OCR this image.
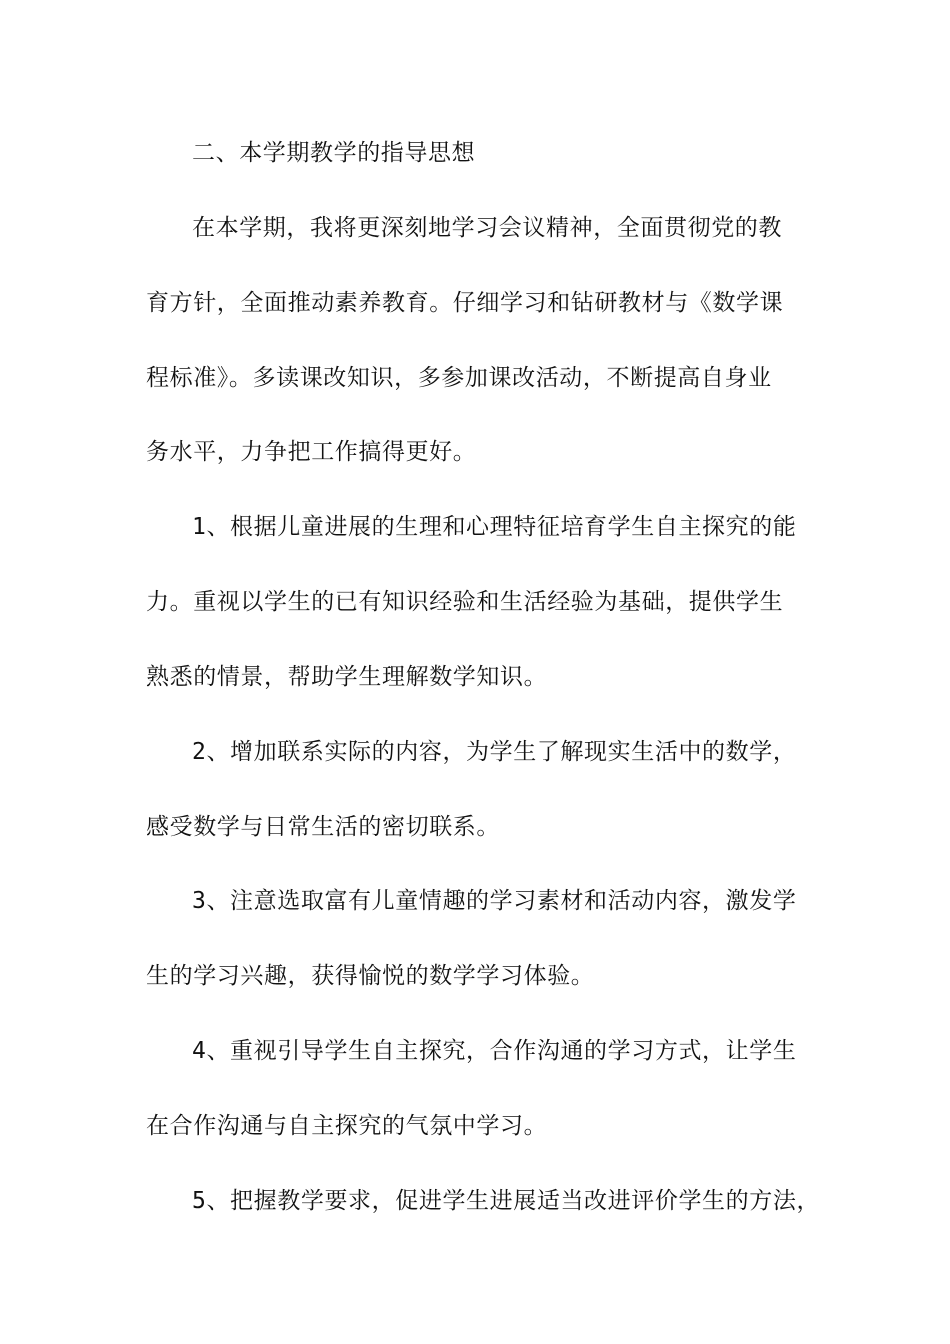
二、本学期教学的指导思想
在本学期，我将更深刻地学习会议精神，全面贯彻党的教
育方针，全面推动素养教育。仔细学习和钻研教材与《数学课
程标准》。多读课改知识，多参加课改活动，不断提高自身业
务水平，力争把工作搞得更好。
1、根据儿童进展的生理和心理特征培育学生自主探究的能
力。重视以学生的已有知识经验和生活经验为基础，提供学生
熟悉的情景，帮助学生理解数学知识。
2、增加联系实际的内容，为学生了解现实生活中的数学，
感受数学与日常生活的密切联系。
3、注意选取富有儿童情趣的学习素材和活动内容，激发学
生的学习兴趣，获得愉悦的数学学习体验。
4、重视引导学生自主探究，合作沟通的学习方式，让学生
在合作沟通与自主探究的气氛中学习。
5、把握教学要求，促进学生进展适当改进评价学生的方法，
